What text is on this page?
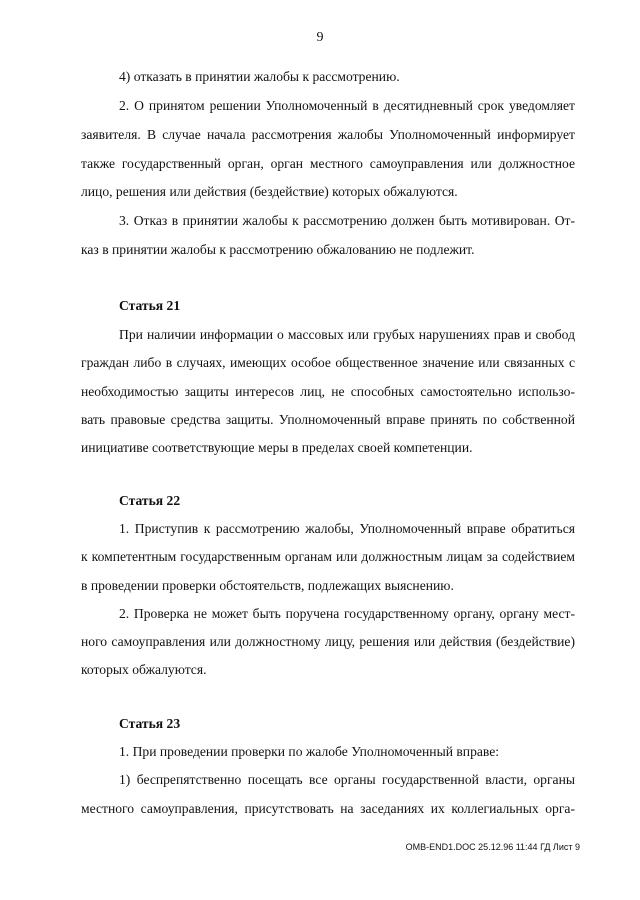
9
4) отказать в принятии жалобы к рассмотрению.
2. О принятом решении Уполномоченный в десятидневный срок уведомляет
заявителя. В случае начала рассмотрения жалобы Уполномоченный информирует
также государственный орган, орган местного самоуправления или должностное
лицо, решения или действия (бездействие) которых обжалуются.
3. Отказ в принятии жалобы к рассмотрению должен быть мотивирован. От-
каз в принятии жалобы к рассмотрению обжалованию не подлежит.
Статья 21
При наличии информации о массовых или грубых нарушениях прав и свобод
граждан либо в случаях, имеющих особое общественное значение или связанных с
необходимостью защиты интересов лиц, не способных самостоятельно использо-
вать правовые средства защиты. Уполномоченный вправе принять по собственной
инициативе соответствующие меры в пределах своей компетенции.
Статья 22
1. Приступив к рассмотрению жалобы, Уполномоченный вправе обратиться
к компетентным государственным органам или должностным лицам за содействием
в проведении проверки обстоятельств, подлежащих выяснению.
2. Проверка не может быть поручена государственному органу, органу мест-
ного самоуправления или должностному лицу, решения или действия (бездействие)
которых обжалуются.
Статья 23
1. При проведении проверки по жалобе Уполномоченный вправе:
1) беспрепятственно посещать все органы государственной власти, органы
местного самоуправления, присутствовать на заседаниях их коллегиальных орга-
OMB-END1.DOC 25.12.96 11:44 ГД Лист 9
